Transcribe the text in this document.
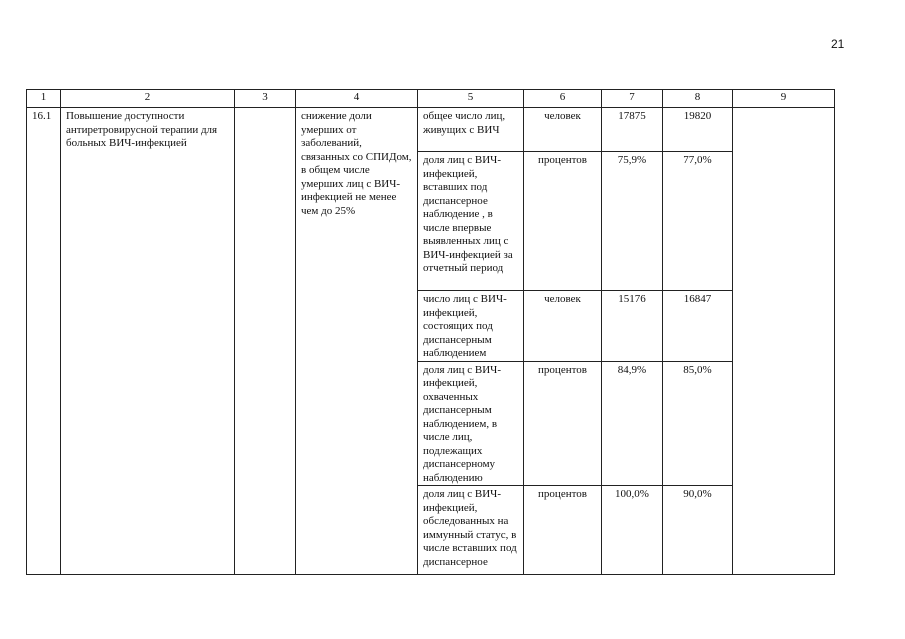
21
1	2	3	4	5	6	7	8	9
16.1	Повышение доступности антиретровирусной терапии для больных ВИЧ-инфекцией		снижение доли умерших от заболеваний, связанных со СПИДом, в общем числе умерших лиц с ВИЧ-инфекцией не менее чем до 25%	общее число лиц, живущих с ВИЧ	человек	17875	19820	
				доля лиц с ВИЧ-инфекцией, вставших под диспансерное наблюдение , в числе впервые выявленных лиц с ВИЧ-инфекцией за отчетный период	процентов	75,9%	77,0%	
				число лиц с ВИЧ-инфекцией, состоящих под диспансерным наблюдением	человек	15176	16847	
				доля лиц с ВИЧ-инфекцией, охваченных диспансерным наблюдением, в числе лиц, подлежащих диспансерному наблюдению	процентов	84,9%	85,0%	
				доля лиц с ВИЧ-инфекцией, обследованных на иммунный статус, в числе вставших под диспансерное	процентов	100,0%	90,0%	
